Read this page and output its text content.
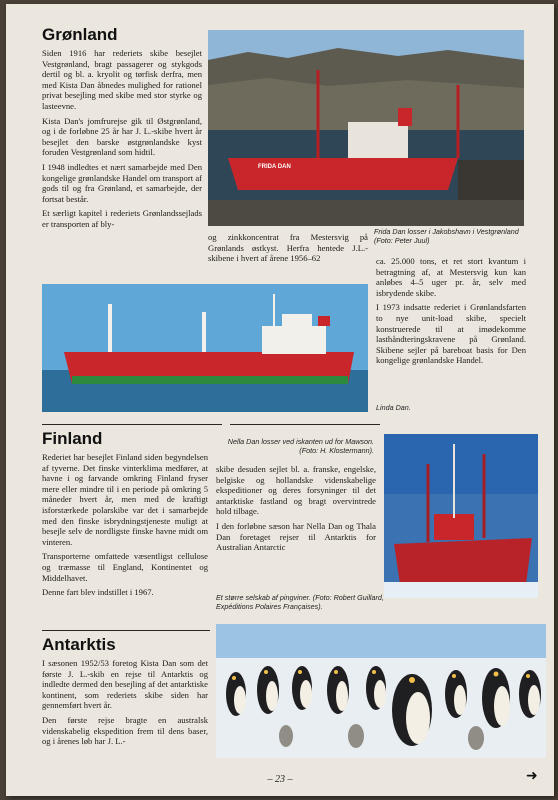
Grønland

Siden 1916 har rederiets skibe besejlet Vestgrønland, bragt passagerer og stykgods dertil og bl. a. kryolit og tørfisk derfra, men med Kista Dan åbnedes mulighed for rationel privat besejling med skibe med stor styrke og lasteevne.

Kista Dan's jomfrurejse gik til Østgrønland, og i de forløbne 25 år har J. L.-skibe hvert år besejlet den barske østgrønlandske kyst foruden Vestgrønland som hidtil.

I 1948 indledtes et nært samarbejde med Den kongelige grønlandske Handel om transport af gods til og fra Grønland, et samarbejde, der fortsat består.

Et særligt kapitel i rederiets Grønlandssejlads er transporten af bly-

FRIDA DAN
Frida Dan losser i Jakobshavn i Vestgrønland (Foto: Peter Juul)

og zinkkoncentrat fra Mestersvig på Grønlands østkyst. Herfra hentede J.L.-skibene i hvert af årene 1956–62	ca. 25.000 tons, et ret stort kvantum i betragtning af, at Mestersvig kun kan anløbes 4–5 uger pr. år, selv med isbrydende skibe.

I 1973 indsatte rederiet i Grønlandsfarten to nye unit-load skibe, specielt konstruerede til at imødekomme lasthåndteringskravene på Grønland. Skibene sejler på bareboat basis for Den kongelige grønlandske Handel.

Linda Dan.
Finland

Rederiet har besejlet Finland siden begyndelsen af tyverne. Det finske vinterklima medfører, at havne i og farvande omkring Finland fryser mere eller mindre til i en periode på omkring 5 måneder hvert år, men med de kraftigt isforstærkede polarskibe var det i samarbejde med den finske isbrydningstjeneste muligt at besejle selv de nordligste finske havne midt om vinteren.

Transporterne omfattede væsentligst cellulose og træmasse til England, Kontinentet og Middelhavet.

Denne fart blev indstillet i 1967.

Nella Dan losser ved iskanten ud for Mawson. (Foto: H. Klostermann).

skibe desuden sejlet bl. a. franske, engelske, belgiske og hollandske videnskabelige ekspeditioner og deres forsyninger til det antarktiske fastland og bragt overvintrede hold tilbage.

I den forløbne sæson har Nella Dan og Thala Dan foretaget rejser til Antarktis for Australian Antarctic

Et større selskab af pingviner. (Foto: Robert Guillard, Expéditions Polaires Françaises).
Antarktis

I sæsonen 1952/53 foretog Kista Dan som det første J. L.-skib en rejse til Antarktis og indledte dermed den besejling af det antarktiske kontinent, som rederiets skibe siden har gennemført hvert år.

Den første rejse bragte en australsk videnskabelig ekspedition frem til dens baser, og i årenes løb har J. L.-

– 23 –	➜
